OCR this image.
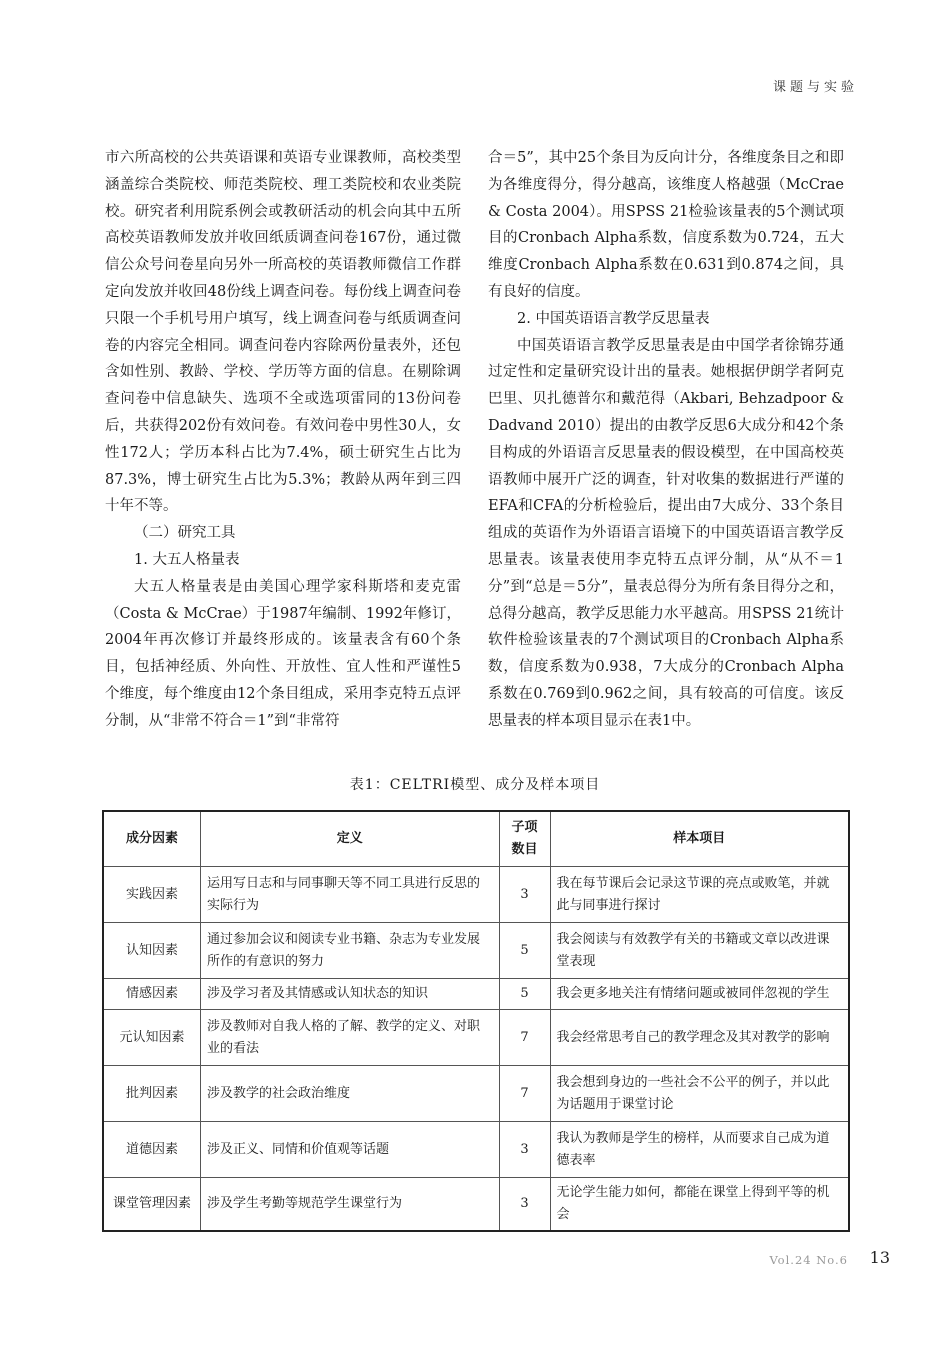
课题与实验

市六所高校的公共英语课和英语专业课教师，高校类型涵盖综合类院校、师范类院校、理工类院校和农业类院校。研究者利用院系例会或教研活动的机会向其中五所高校英语教师发放并收回纸质调查问卷167份，通过微信公众号问卷星向另外一所高校的英语教师微信工作群定向发放并收回48份线上调查问卷。每份线上调查问卷只限一个手机号用户填写，线上调查问卷与纸质调查问卷的内容完全相同。调查问卷内容除两份量表外，还包含如性别、教龄、学校、学历等方面的信息。在剔除调查问卷中信息缺失、选项不全或选项雷同的13份问卷后，共获得202份有效问卷。有效问卷中男性30人，女性172人；学历本科占比为7.4%，硕士研究生占比为87.3%，博士研究生占比为5.3%；教龄从两年到三四十年不等。

（二）研究工具

1. 大五人格量表

大五人格量表是由美国心理学家科斯塔和麦克雷（Costa & McCrae）于1987年编制、1992年修订，2004年再次修订并最终形成的。该量表含有60个条目，包括神经质、外向性、开放性、宜人性和严谨性5个维度，每个维度由12个条目组成，采用李克特五点评分制，从“非常不符合＝1”到“非常符

合＝5”，其中25个条目为反向计分，各维度条目之和即为各维度得分，得分越高，该维度人格越强（McCrae & Costa 2004）。用SPSS 21检验该量表的5个测试项目的Cronbach Alpha系数，信度系数为0.724，五大维度Cronbach Alpha系数在0.631到0.874之间，具有良好的信度。

2. 中国英语语言教学反思量表

中国英语语言教学反思量表是由中国学者徐锦芬通过定性和定量研究设计出的量表。她根据伊朗学者阿克巴里、贝扎德普尔和戴范得（Akbari, Behzadpoor & Dadvand 2010）提出的由教学反思6大成分和42个条目构成的外语语言反思量表的假设模型，在中国高校英语教师中展开广泛的调查，针对收集的数据进行严谨的EFA和CFA的分析检验后，提出由7大成分、33个条目组成的英语作为外语语言语境下的中国英语语言教学反思量表。该量表使用李克特五点评分制，从“从不＝1分”到“总是＝5分”，量表总得分为所有条目得分之和，总得分越高，教学反思能力水平越高。用SPSS 21统计软件检验该量表的7个测试项目的Cronbach Alpha系数，信度系数为0.938，7大成分的Cronbach Alpha系数在0.769到0.962之间，具有较高的可信度。该反思量表的样本项目显示在表1中。

表1：CELTRI模型、成分及样本项目
成分因素	定义	子项数目	样本项目
实践因素	运用写日志和与同事聊天等不同工具进行反思的实际行为	3	我在每节课后会记录这节课的亮点或败笔，并就此与同事进行探讨
认知因素	通过参加会议和阅读专业书籍、杂志为专业发展所作的有意识的努力	5	我会阅读与有效教学有关的书籍或文章以改进课堂表现
情感因素	涉及学习者及其情感或认知状态的知识	5	我会更多地关注有情绪问题或被同伴忽视的学生
元认知因素	涉及教师对自我人格的了解、教学的定义、对职业的看法	7	我会经常思考自己的教学理念及其对教学的影响
批判因素	涉及教学的社会政治维度	7	我会想到身边的一些社会不公平的例子，并以此为话题用于课堂讨论
道德因素	涉及正义、同情和价值观等话题	3	我认为教师是学生的榜样，从而要求自己成为道德表率
课堂管理因素	涉及学生考勤等规范学生课堂行为	3	无论学生能力如何，都能在课堂上得到平等的机会
Vol.24 No.6 13
